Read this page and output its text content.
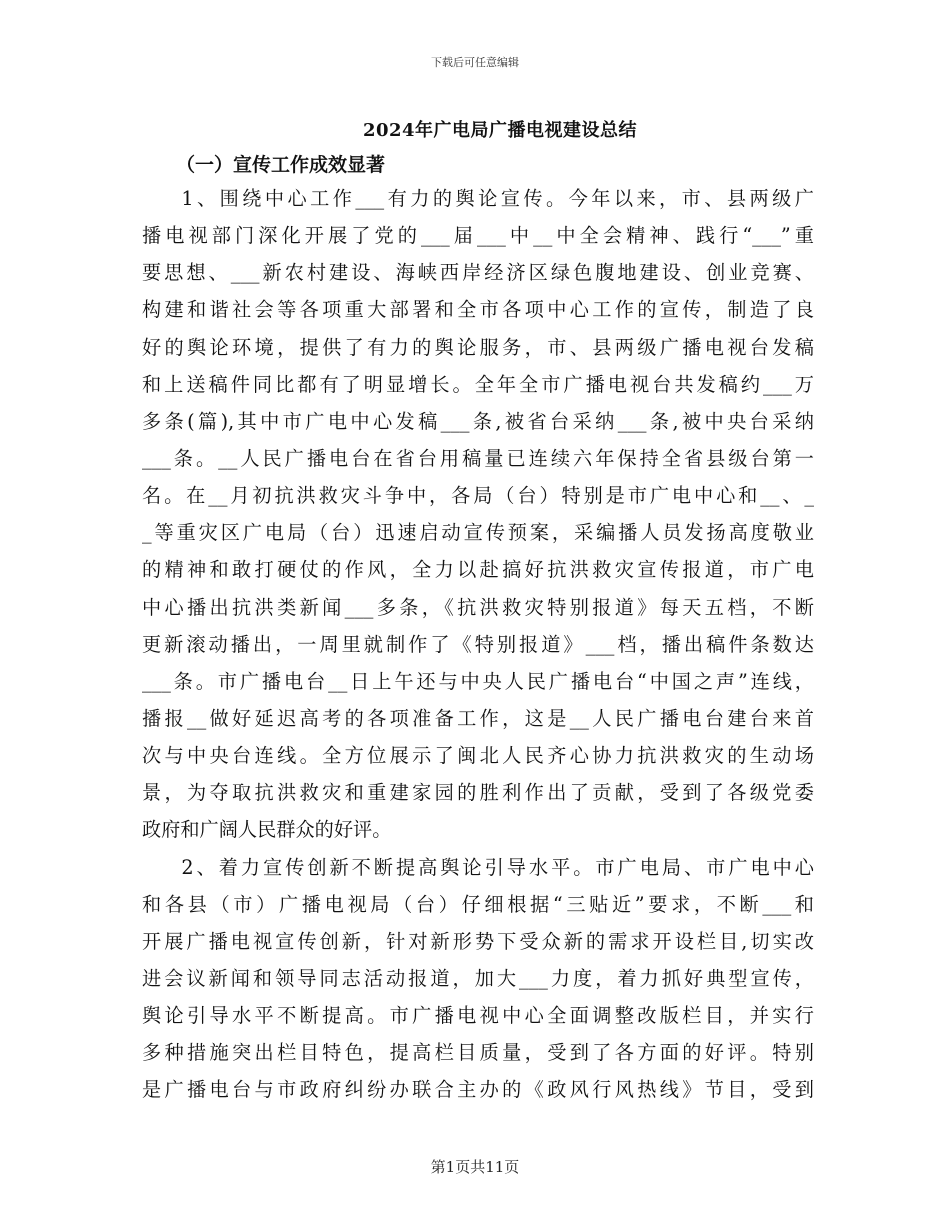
下载后可任意编辑
2024年广电局广播电视建设总结
（一）宣传工作成效显著
1、围绕中心工作___有力的舆论宣传。今年以来，市、县两级广
播电视部门深化开展了党的___届___中__中全会精神、践行“___”重
要思想、___新农村建设、海峡西岸经济区绿色腹地建设、创业竞赛、
构建和谐社会等各项重大部署和全市各项中心工作的宣传，制造了良
好的舆论环境，提供了有力的舆论服务，市、县两级广播电视台发稿
和上送稿件同比都有了明显增长。全年全市广播电视台共发稿约___万
多条(篇),其中市广电中心发稿___条,被省台采纳___条,被中央台采纳
___条。__人民广播电台在省台用稿量已连续六年保持全省县级台第一
名。在__月初抗洪救灾斗争中，各局（台）特别是市广电中心和__、_
_等重灾区广电局（台）迅速启动宣传预案，采编播人员发扬高度敬业
的精神和敢打硬仗的作风，全力以赴搞好抗洪救灾宣传报道，市广电
中心播出抗洪类新闻___多条，《抗洪救灾特别报道》每天五档，不断
更新滚动播出，一周里就制作了《特别报道》___档，播出稿件条数达
___条。市广播电台__日上午还与中央人民广播电台“中国之声”连线，
播报__做好延迟高考的各项准备工作，这是__人民广播电台建台来首
次与中央台连线。全方位展示了闽北人民齐心协力抗洪救灾的生动场
景，为夺取抗洪救灾和重建家园的胜利作出了贡献，受到了各级党委
政府和广阔人民群众的好评。
2、着力宣传创新不断提高舆论引导水平。市广电局、市广电中心
和各县（市）广播电视局（台）仔细根据“三贴近”要求，不断___和
开展广播电视宣传创新，针对新形势下受众新的需求开设栏目,切实改
进会议新闻和领导同志活动报道，加大___力度，着力抓好典型宣传，
舆论引导水平不断提高。市广播电视中心全面调整改版栏目，并实行
多种措施突出栏目特色，提高栏目质量，受到了各方面的好评。特别
是广播电台与市政府纠纷办联合主办的《政风行风热线》节目，受到
第1页共11页
